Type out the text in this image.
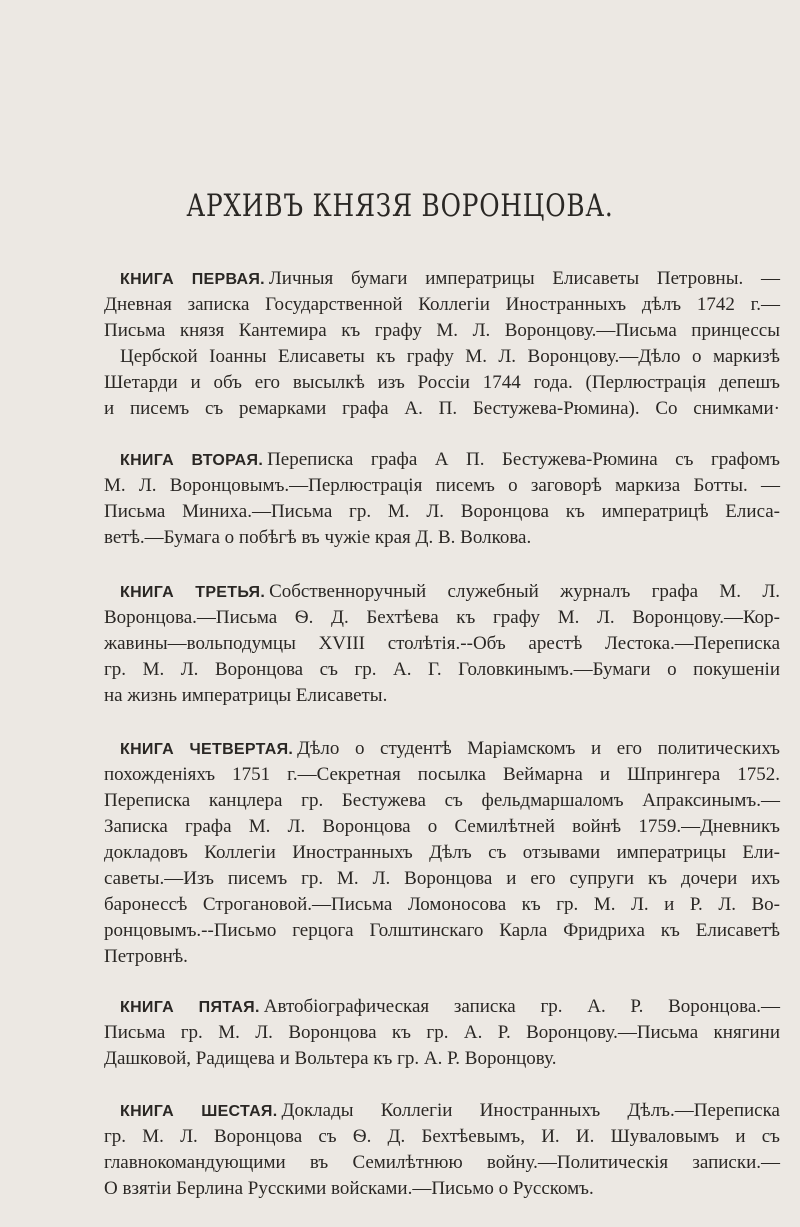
АРХИВЪ КНЯЗЯ ВОРОНЦОВА.
КНИГА ПЕРВАЯ. Личныя бумаги императрицы Елисаветы Петровны. —
Дневная записка Государственной Коллегіи Иностранныхъ дѣлъ 1742 г.—
Письма князя Кантемира къ графу М. Л. Воронцову.—Письма принцессы
Цербской Іоанны Елисаветы къ графу М. Л. Воронцову.—Дѣло о маркизѣ
Шетарди и объ его высылкѣ изъ Россіи 1744 года. (Перлюстрація депешъ
и писемъ съ ремарками графа А. П. Бестужева-Рюмина). Со снимками·
КНИГА ВТОРАЯ. Переписка графа А П. Бестужева-Рюмина съ графомъ
М. Л. Воронцовымъ.—Перлюстрація писемъ о заговорѣ маркиза Ботты. —
Письма Миниха.—Письма гр. М. Л. Воронцова къ императрицѣ Елиса-
ветѣ.—Бумага о побѣгѣ въ чужіе края Д. В. Волкова.
КНИГА ТРЕТЬЯ. Собственноручный служебный журналъ графа М. Л.
Воронцова.—Письма Ѳ. Д. Бехтѣева къ графу М. Л. Воронцову.—Кор-
жавины—вольподумцы XVIII столѣтія.--Объ арестѣ Лестока.—Переписка
гр. М. Л. Воронцова съ гр. А. Г. Головкинымъ.—Бумаги о покушеніи
на жизнь императрицы Елисаветы.
КНИГА ЧЕТВЕРТАЯ. Дѣло о студентѣ Маріамскомъ и его политическихъ
похожденіяхъ 1751 г.—Секретная посылка Веймарна и Шпрингера 1752.
Переписка канцлера гр. Бестужева съ фельдмаршаломъ Апраксинымъ.—
Записка графа М. Л. Воронцова о Семилѣтней войнѣ 1759.—Дневникъ
докладовъ Коллегіи Иностранныхъ Дѣлъ съ отзывами императрицы Ели-
саветы.—Изъ писемъ гр. М. Л. Воронцова и его супруги къ дочери ихъ
баронессѣ Строгановой.—Письма Ломоносова къ гр. М. Л. и Р. Л. Во-
ронцовымъ.--Письмо герцога Голштинскаго Карла Фридриха къ Елисаветѣ
Петровнѣ.
КНИГА ПЯТАЯ. Автобіографическая записка гр. А. Р. Воронцова.—
Письма гр. М. Л. Воронцова къ гр. А. Р. Воронцову.—Письма княгини
Дашковой, Радищева и Вольтера къ гр. А. Р. Воронцову.
КНИГА ШЕСТАЯ. Доклады Коллегіи Иностранныхъ Дѣлъ.—Переписка
гр. М. Л. Воронцова съ Ѳ. Д. Бехтѣевымъ, И. И. Шуваловымъ и съ
главнокомандующими въ Семилѣтнюю войну.—Политическія записки.—
О взятіи Берлина Русскими войсками.—Письмо о Русскомъ.
